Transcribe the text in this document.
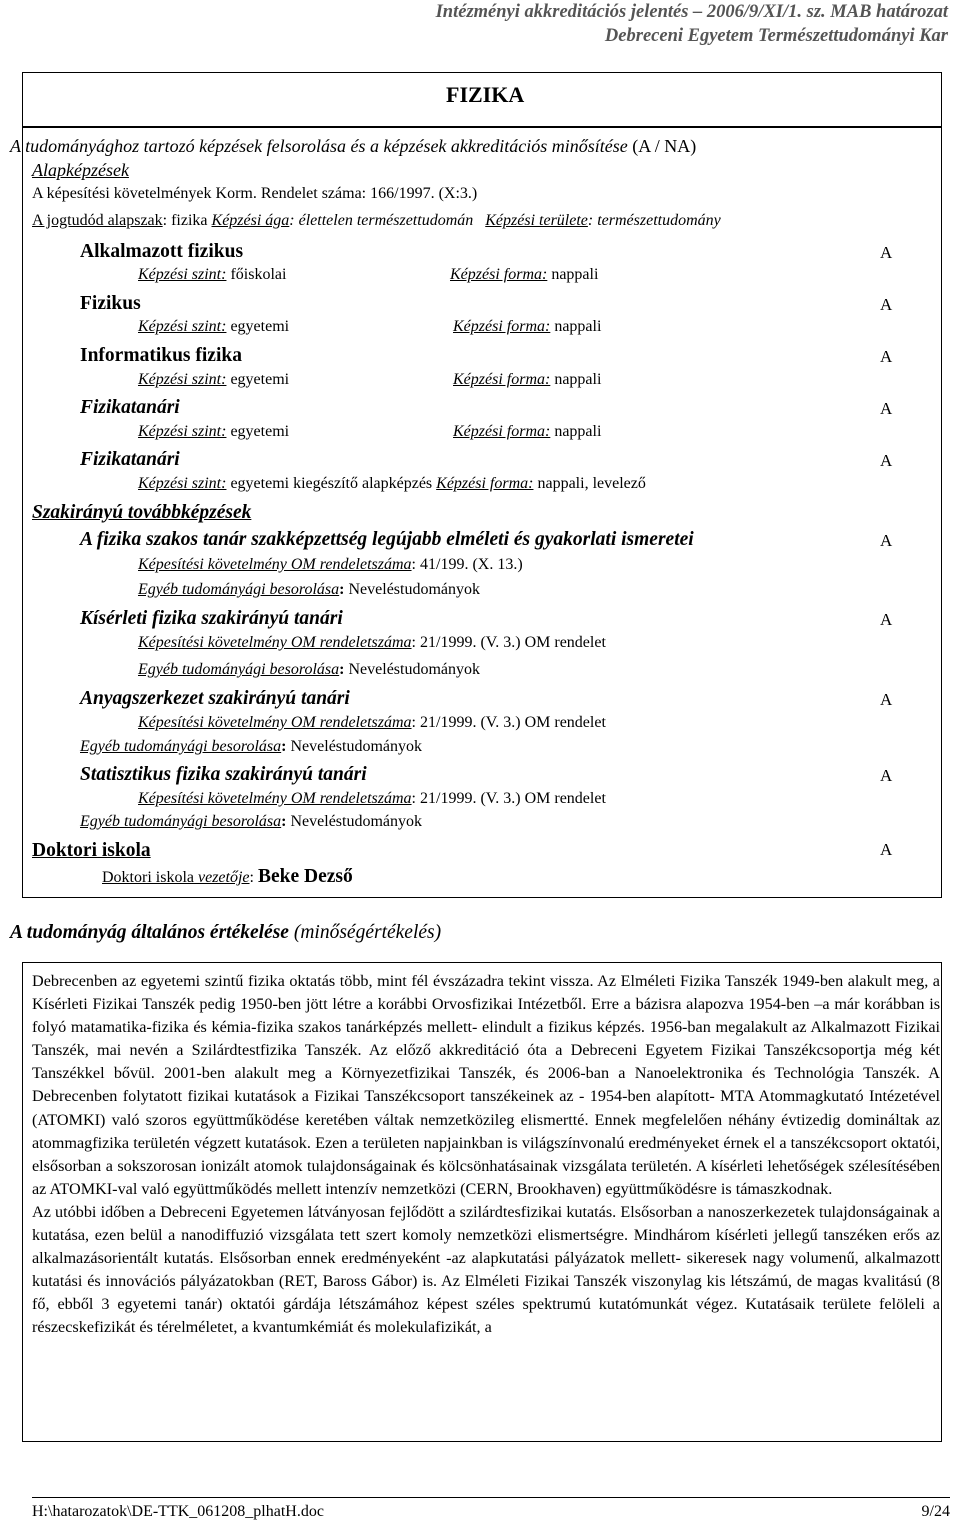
Intézményi akkreditációs jelentés – 2006/9/XI/1. sz. MAB határozat
Debreceni Egyetem Természettudományi Kar
FIZIKA
A tudományághoz tartozó képzések felsorolása és a képzések akkreditációs minősítése (A / NA)
Alapképzések
A képesítési követelmények Korm. Rendelet száma: 166/1997. (X:3.)
A jogtudód alapszak: fizika Képzési ága: élettelen természettudomán Képzési területe: természettudomány
Alkalmazott fizikus	A
Képzési szint: főiskolai	Képzési forma: nappali
Fizikus	A
Képzési szint: egyetemi	Képzési forma: nappali
Informatikus fizika	A
Képzési szint: egyetemi	Képzési forma: nappali
Fizikatanári	A
Képzési szint: egyetemi	Képzési forma: nappali
Fizikatanári	A
Képzési szint: egyetemi kiegészítő alapképzés Képzési forma: nappali, levelező
Szakirányú továbbképzések
A fizika szakos tanár szakképzettség legújabb elméleti és gyakorlati ismeretei	A
Képesítési követelmény OM rendeletszáma: 41/199. (X. 13.)
Egyéb tudományági besorolása: Neveléstudományok
Kísérleti fizika szakirányú tanári	A
Képesítési követelmény OM rendeletszáma: 21/1999. (V. 3.) OM rendelet
Egyéb tudományági besorolása: Neveléstudományok
Anyagszerkezet szakirányú tanári	A
Képesítési követelmény OM rendeletszáma: 21/1999. (V. 3.) OM rendelet
Egyéb tudományági besorolása: Neveléstudományok
Statisztikus fizika szakirányú tanári	A
Képesítési követelmény OM rendeletszáma: 21/1999. (V. 3.) OM rendelet
Egyéb tudományági besorolása: Neveléstudományok
Doktori iskola	A
Doktori iskola vezetője: Beke Dezső
A tudományág általános értékelése (minőségértékelés)

Debrecenben az egyetemi szintű fizika oktatás több, mint fél évszázadra tekint vissza. Az Elméleti Fizika Tanszék 1949-ben alakult meg, a Kísérleti Fizikai Tanszék pedig 1950-ben jött létre a korábbi Orvosfizikai Intézetből. Erre a bázisra alapozva 1954-ben –a már korábban is folyó matamatika-fizika és kémia-fizika szakos tanárképzés mellett- elindult a fizikus képzés. 1956-ban megalakult az Alkalmazott Fizikai Tanszék, mai nevén a Szilárdtestfizika Tanszék. Az előző akkreditáció óta a Debreceni Egyetem Fizikai Tanszékcsoportja még két Tanszékkel bővül. 2001-ben alakult meg a Környezetfizikai Tanszék, és 2006-ban a Nanoelektronika és Technológia Tanszék. A Debrecenben folytatott fizikai kutatások a Fizikai Tanszékcsoport tanszékeinek az - 1954-ben alapított- MTA Atommagkutató Intézetével (ATOMKI) való szoros együttműködése keretében váltak nemzetközileg elismertté. Ennek megfelelően néhány évtizedig domináltak az atommagfizika területén végzett kutatások. Ezen a területen napjainkban is világszínvonalú eredményeket érnek el a tanszékcsoport oktatói, elsősorban a sokszorosan ionizált atomok tulajdonságainak és kölcsönhatásainak vizsgálata területén. A kísérleti lehetőségek szélesítésében az ATOMKI-val való együttműködés mellett intenzív nemzetközi (CERN, Brookhaven) együttműködésre is támaszkodnak.

Az utóbbi időben a Debreceni Egyetemen látványosan fejlődött a szilárdtesfizikai kutatás. Elsősorban a nanoszerkezetek tulajdonságainak a kutatása, ezen belül a nanodiffuzió vizsgálata tett szert komoly nemzetközi elismertségre. Mindhárom kísérleti jellegű tanszéken erős az alkalmazásorientált kutatás. Elsősorban ennek eredményeként -az alapkutatási pályázatok mellett- sikeresek nagy volumenű, alkalmazott kutatási és innovációs pályázatokban (RET, Baross Gábor) is. Az Elméleti Fizikai Tanszék viszonylag kis létszámú, de magas kvalitású (8 fő, ebből 3 egyetemi tanár) oktatói gárdája létszámához képest széles spektrumú kutatómunkát végez. Kutatásaik területe felöleli a részecskefizikát és térelméletet, a kvantumkémiát és molekulafizikát, a

H:\hatarozatok\DE-TTK_061208_plhatH.doc	9/24
